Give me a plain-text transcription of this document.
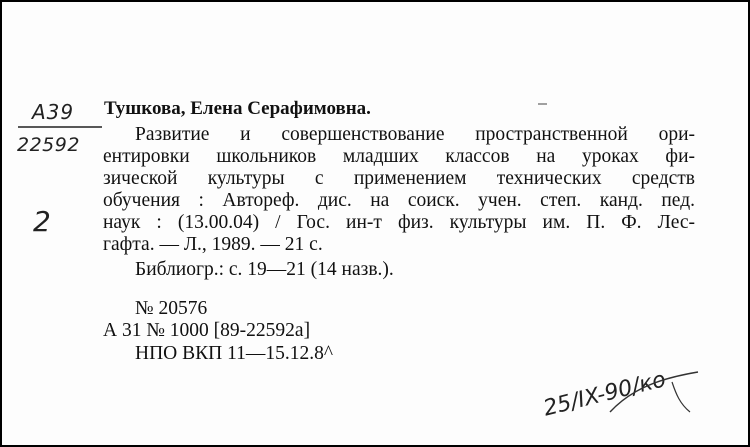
A39
22592
2
Тушкова, Елена Серафимовна.
Развитие и совершенствование пространственной ори-
ентировки школьников младших классов на уроках фи-
зической культуры с применением технических средств
обучения : Автореф. дис. на соиск. учен. степ. канд. пед.
наук : (13.00.04) / Гос. ин-т физ. культуры им. П. Ф. Лес-
гафта. — Л., 1989. — 21 с.
Библиогр.: с. 19—21 (14 назв.).
№ 20576
А 31 № 1000 [89-22592а]
НПО ВКП 11—15.12.8^
25/IX-90/ко
